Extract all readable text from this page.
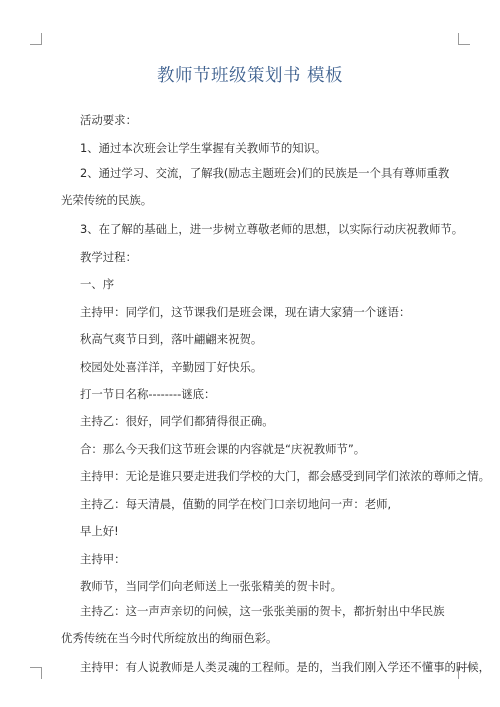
教师节班级策划书 模板
活动要求：
1、通过本次班会让学生掌握有关教师节的知识。
2、通过学习、交流，了解我(励志主题班会)们的民族是一个具有尊师重教光荣传统的民族。
3、在了解的基础上，进一步树立尊敬老师的思想，以实际行动庆祝教师节。
教学过程：
一、序
主持甲：同学们，这节课我们是班会课，现在请大家猜一个谜语：
秋高气爽节日到，落叶翩翩来祝贺。
校园处处喜洋洋，辛勤园丁好快乐。
打一节日名称--------谜底：
主持乙：很好，同学们都猜得很正确。
合：那么今天我们这节班会课的内容就是“庆祝教师节”。
主持甲：无论是谁只要走进我们学校的大门，都会感受到同学们浓浓的尊师之情。
主持乙：每天清晨，值勤的同学在校门口亲切地问一声：老师,
早上好!
主持甲：
教师节，当同学们向老师送上一张张精美的贺卡时。
主持乙：这一声声亲切的问候，这一张张美丽的贺卡，都折射出中华民族优秀传统在当今时代所绽放出的绚丽色彩。
主持甲：有人说教师是人类灵魂的工程师。是的，当我们刚入学还不懂事的时候，
